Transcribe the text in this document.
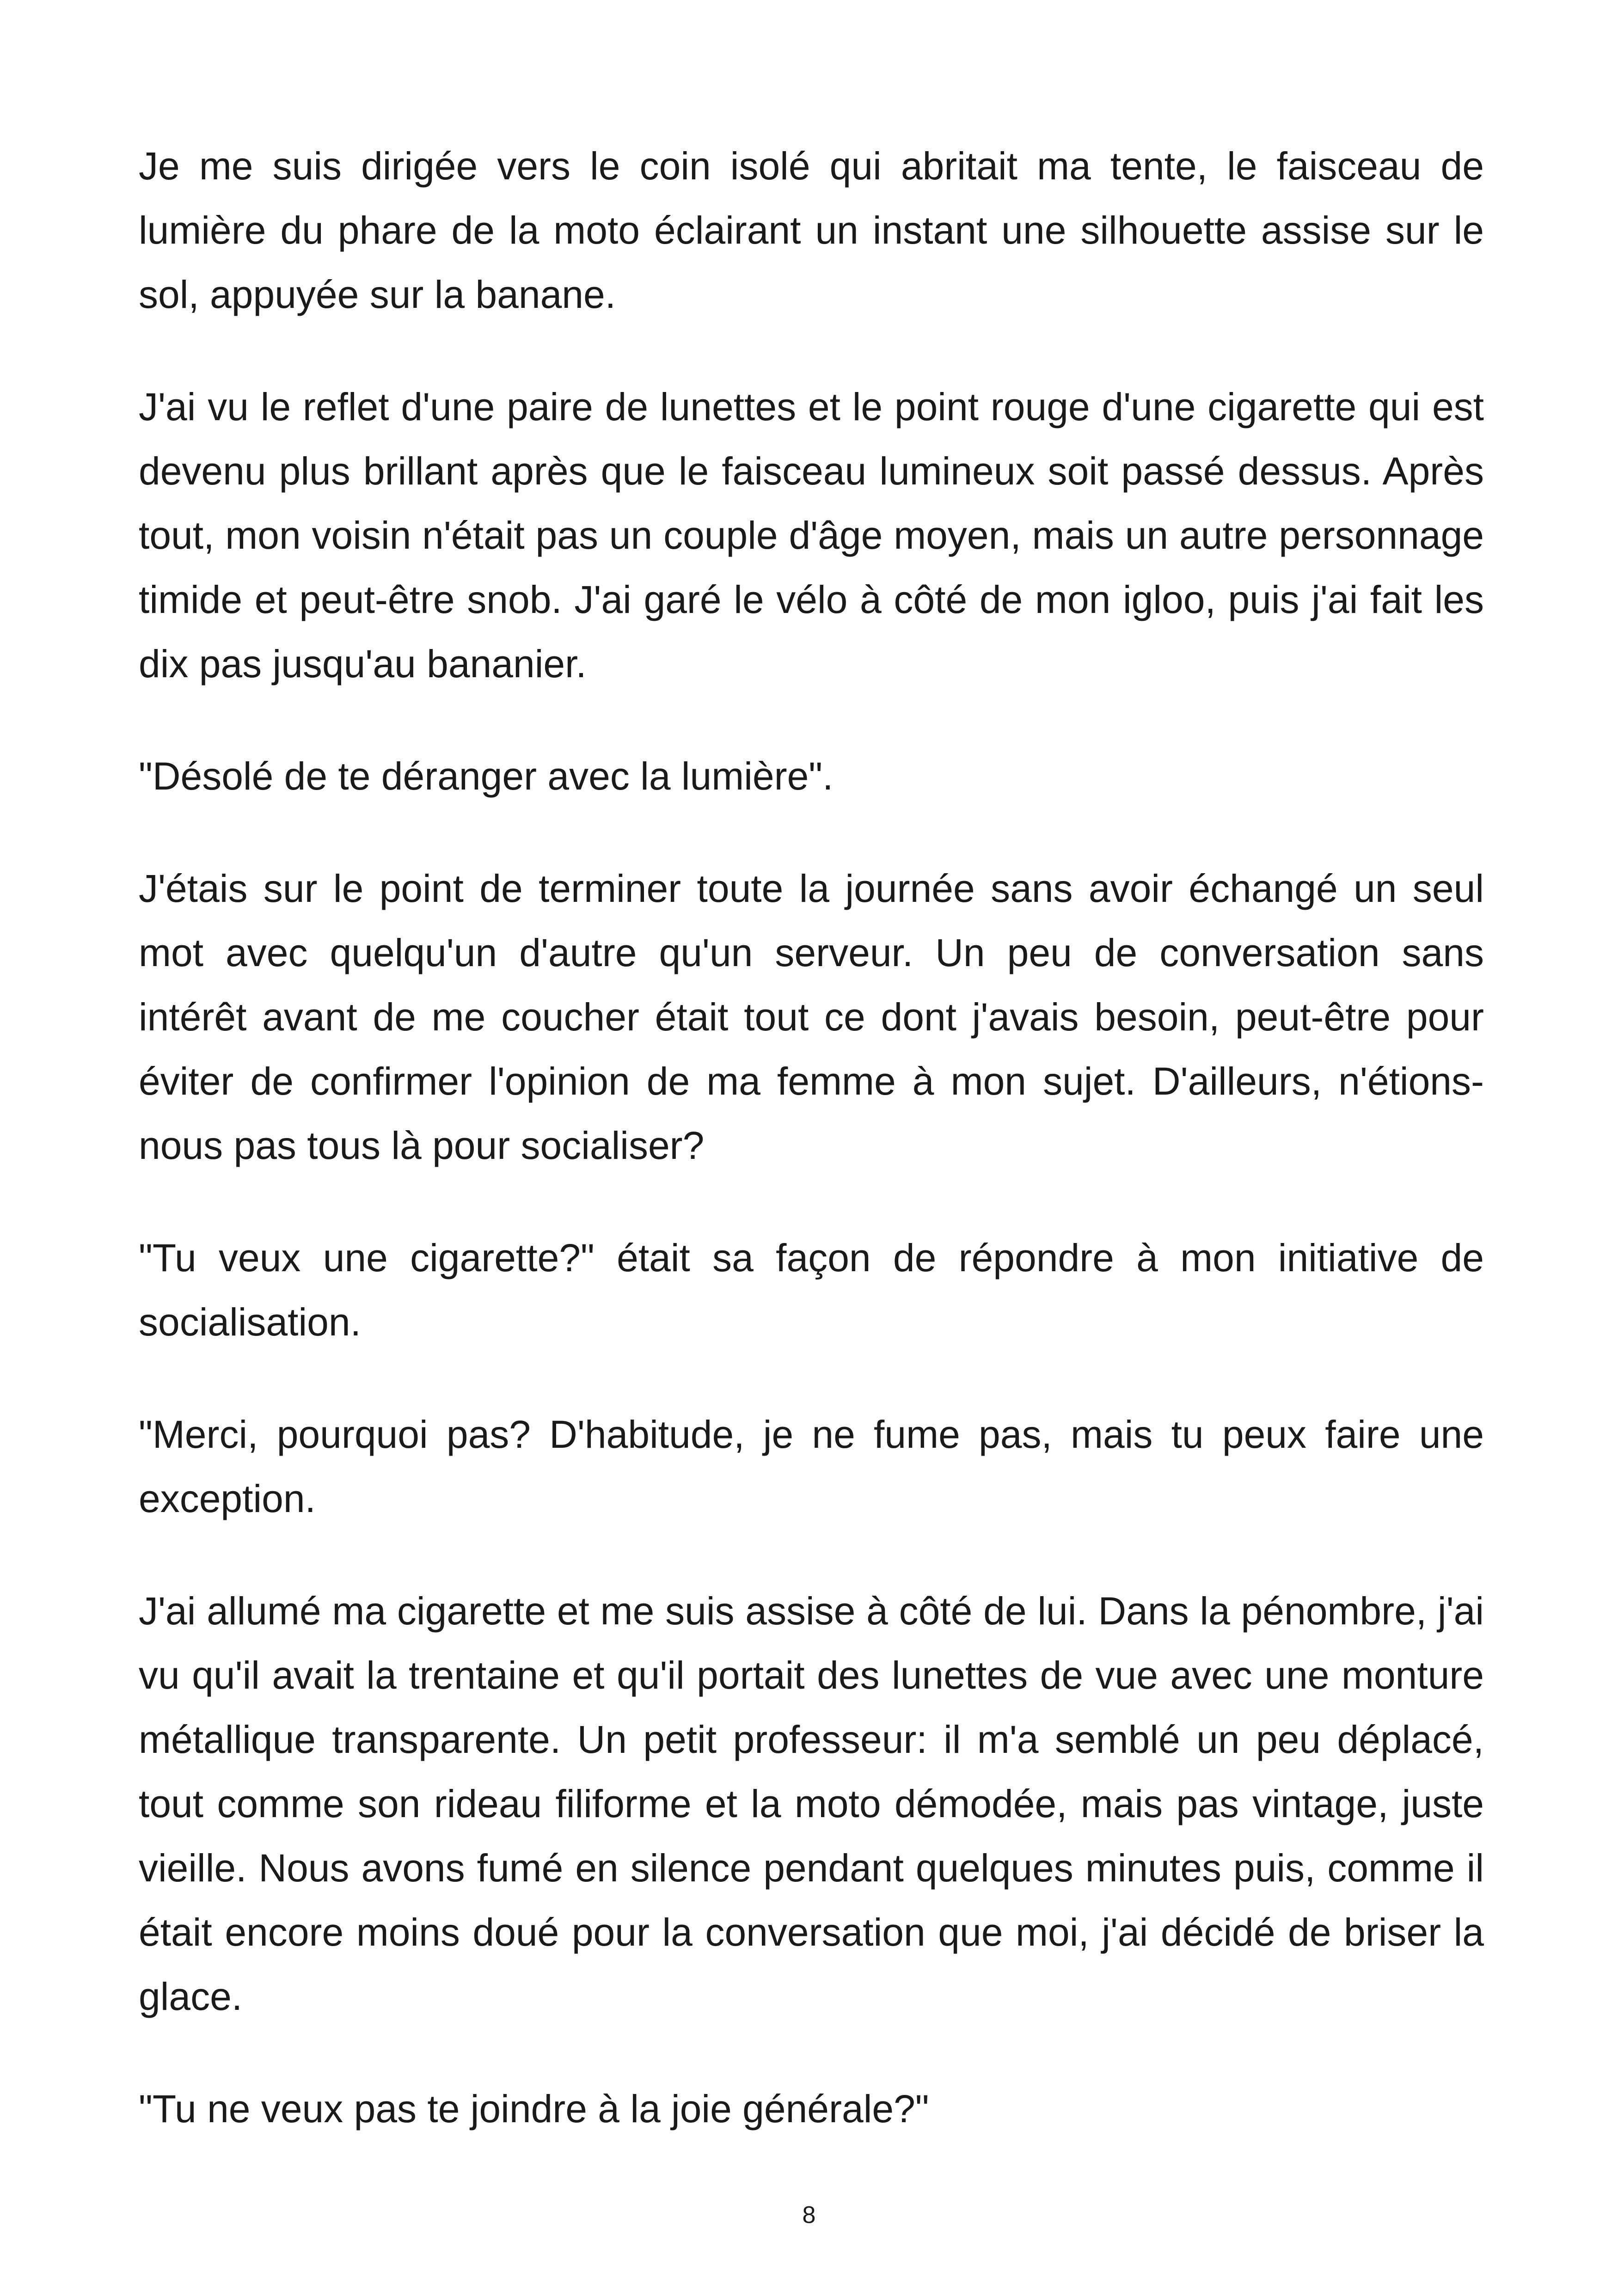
Je me suis dirigée vers le coin isolé qui abritait ma tente, le faisceau de lumière du phare de la moto éclairant un instant une silhouette assise sur le sol, appuyée sur la banane.

J'ai vu le reflet d'une paire de lunettes et le point rouge d'une cigarette qui est devenu plus brillant après que le faisceau lumineux soit passé dessus. Après tout, mon voisin n'était pas un couple d'âge moyen, mais un autre personnage timide et peut-être snob. J'ai garé le vélo à côté de mon igloo, puis j'ai fait les dix pas jusqu'au bananier.

"Désolé de te déranger avec la lumière".

J'étais sur le point de terminer toute la journée sans avoir échangé un seul mot avec quelqu'un d'autre qu'un serveur. Un peu de conversation sans intérêt avant de me coucher était tout ce dont j'avais besoin, peut-être pour éviter de confirmer l'opinion de ma femme à mon sujet. D'ailleurs, n'étions-nous pas tous là pour socialiser?

"Tu veux une cigarette?" était sa façon de répondre à mon initiative de socialisation.

"Merci, pourquoi pas? D'habitude, je ne fume pas, mais tu peux faire une exception.

J'ai allumé ma cigarette et me suis assise à côté de lui. Dans la pénombre, j'ai vu qu'il avait la trentaine et qu'il portait des lunettes de vue avec une monture métallique transparente. Un petit professeur: il m'a semblé un peu déplacé, tout comme son rideau filiforme et la moto démodée, mais pas vintage, juste vieille. Nous avons fumé en silence pendant quelques minutes puis, comme il était encore moins doué pour la conversation que moi, j'ai décidé de briser la glace.

"Tu ne veux pas te joindre à la joie générale?"

8
